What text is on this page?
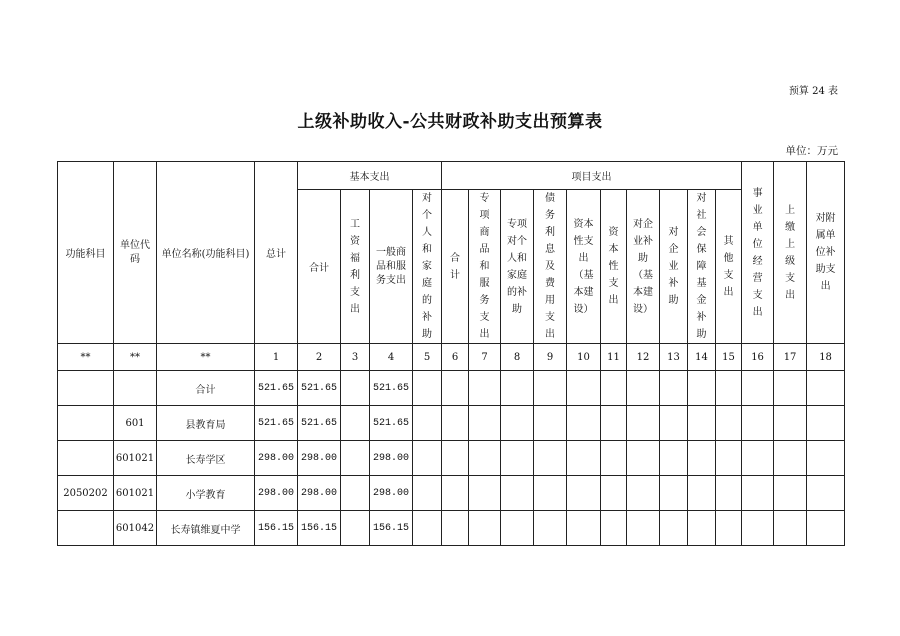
预算 24 表
上级补助收入-公共财政补助支出预算表
单位：万元
功能科目	单位代码	单位名称(功能科目)	总计	基本支出				项目支出										事业单位经营支出	上缴上级支出	对附属单位补助支出
				合计	工资福利支出	一般商品和服务支出	对个人和家庭的补助	合计	专项商品和服务支出	专项对个人和家庭的补助	债务利息及费用支出	资本性支出（基本建设）	资本性支出	对企业补助（基本建设）	对企业补助	对社会保障基金补助	其他支出			
**	**	**	1	2	3	4	5	6	7	8	9	10	11	12	13	14	15	16	17	18
		合计	521.65	521.65		521.65														
	601	县教育局	521.65	521.65		521.65														
	601021	长寿学区	298.00	298.00		298.00														
2050202	601021	小学教育	298.00	298.00		298.00														
	601042	长寿镇维夏中学	156.15	156.15		156.15														
